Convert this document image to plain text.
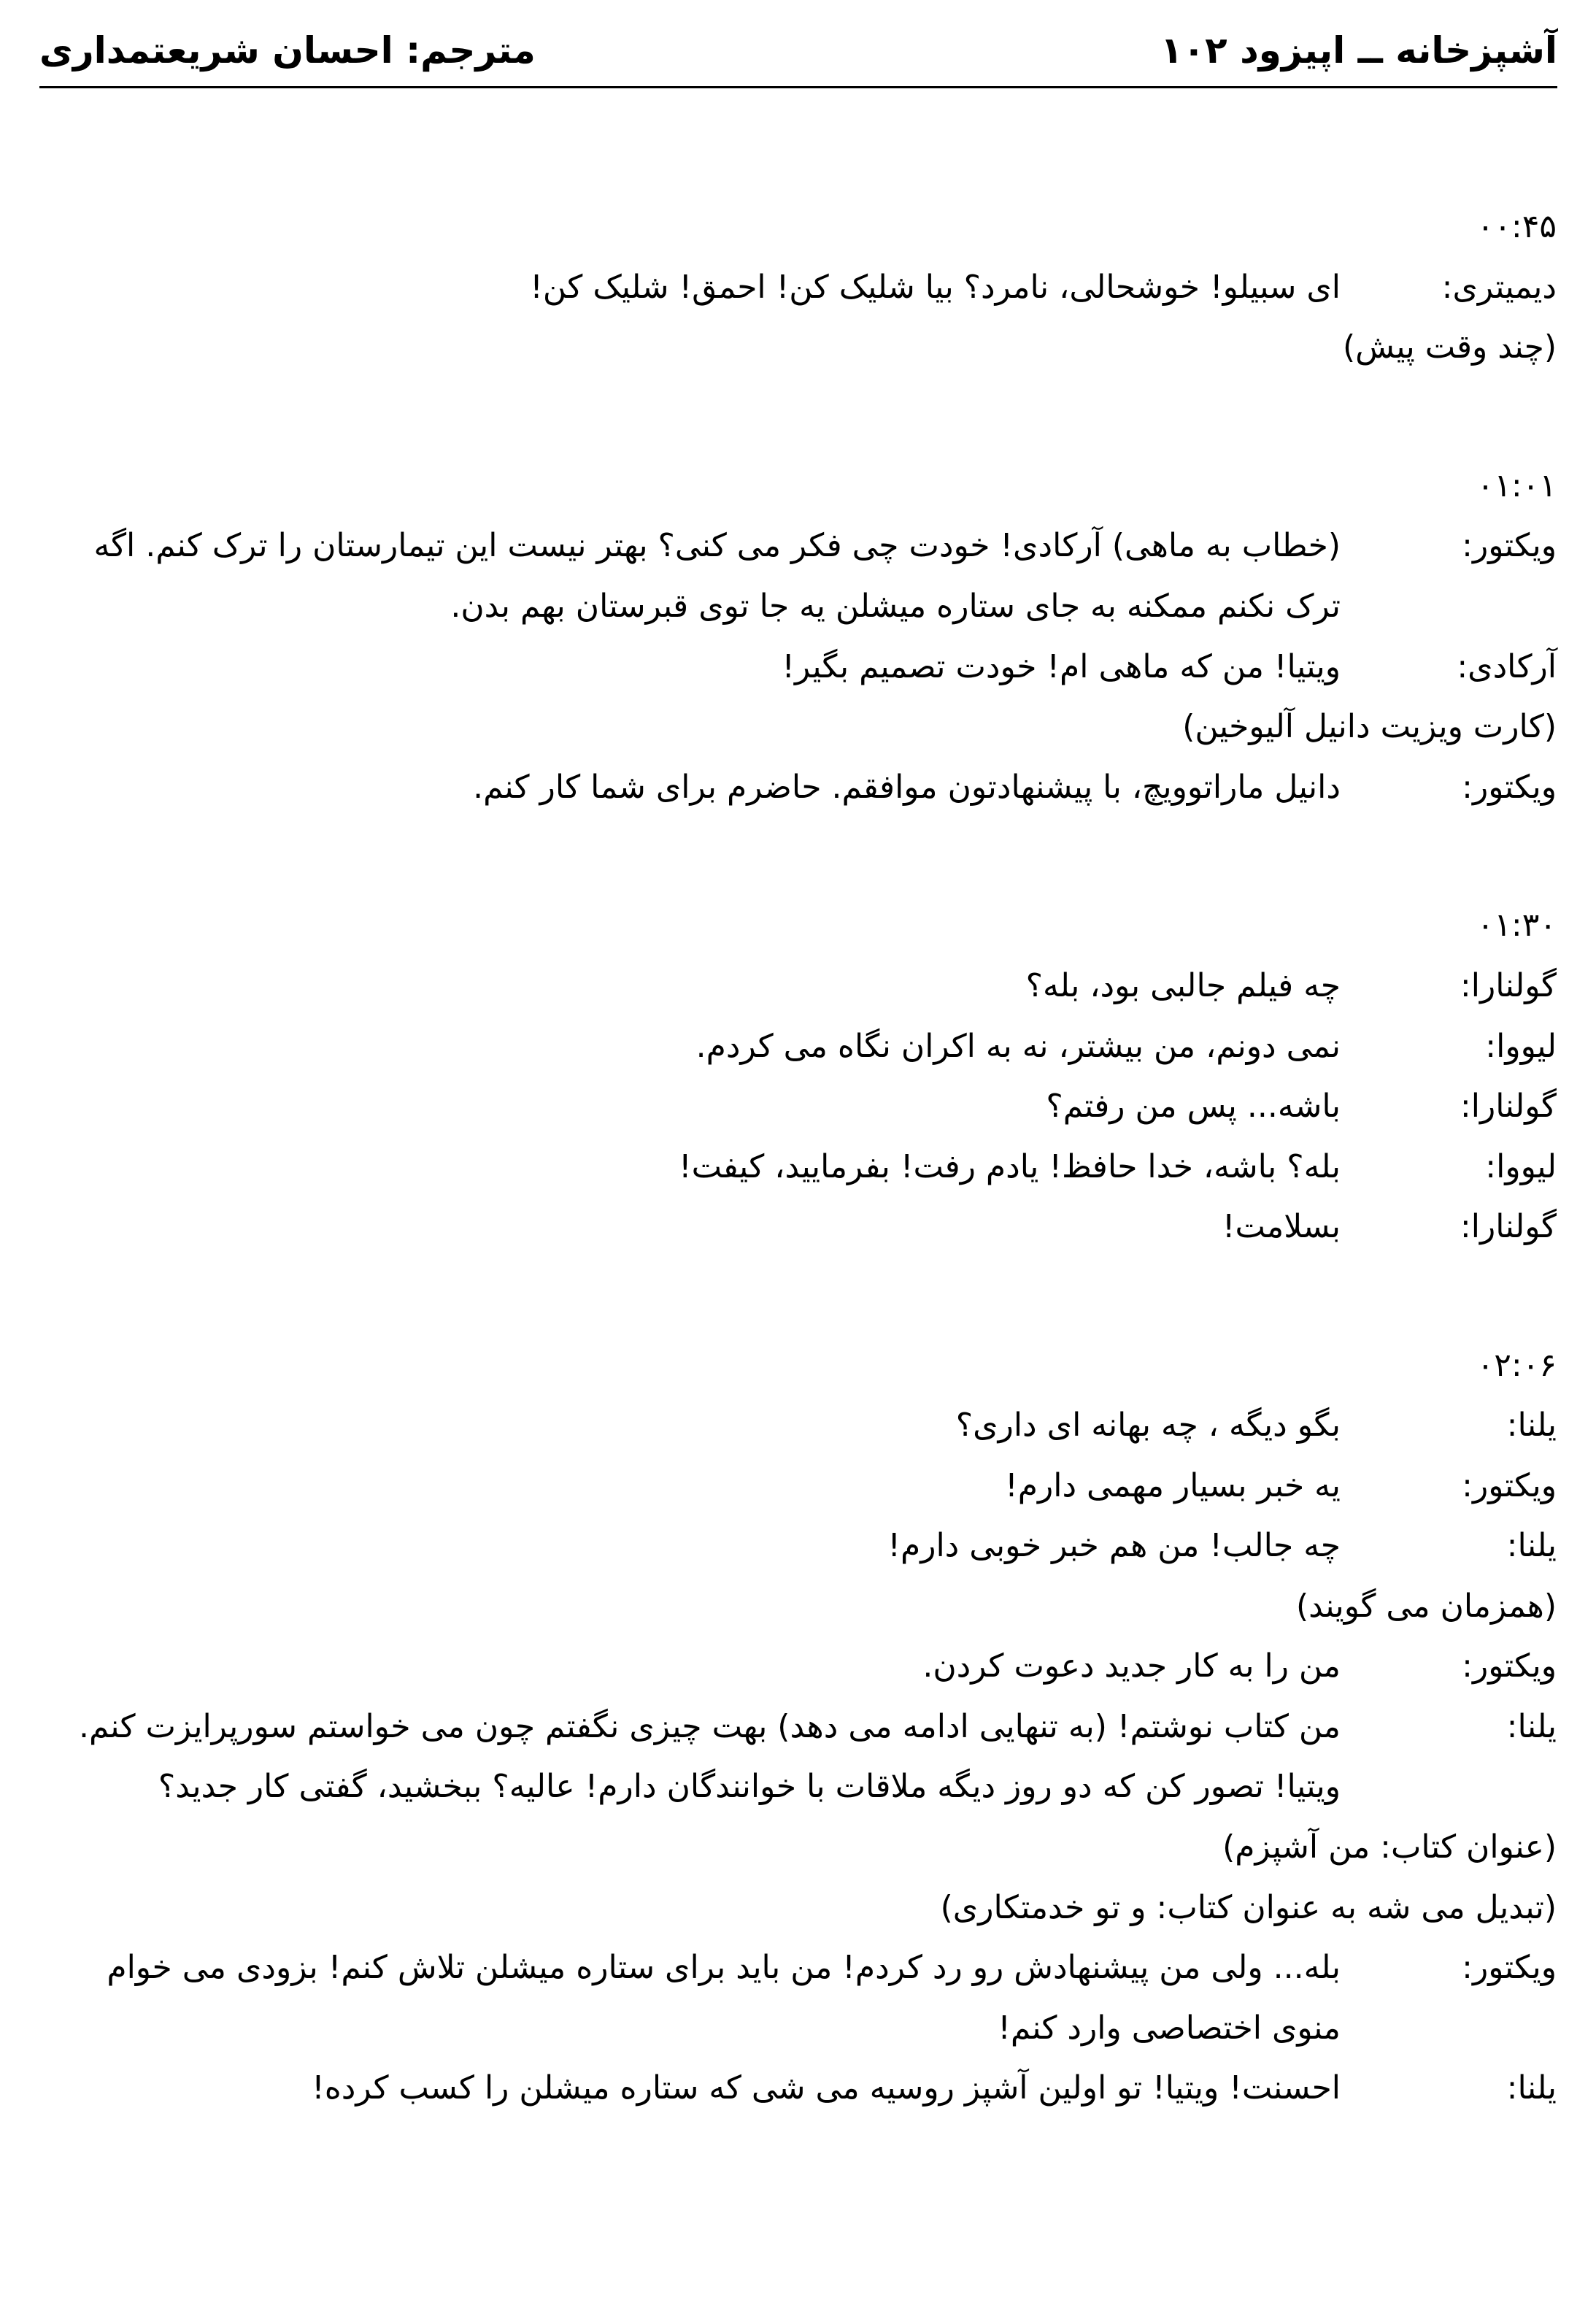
آشپزخانه ــ اپیزود ۱۰۲
مترجم: احسان شریعتمداری
۰۰:۴۵
دیمیتری:
ای سبیلو! خوشحالی، نامرد؟ بیا شلیک کن! احمق! شلیک کن!
(چند وقت پیش)
۰۱:۰۱
ویکتور:
(خطاب به ماهی) آرکادی! خودت چی فکر می کنی؟ بهتر نیست این تیمارستان را ترک کنم. اگه
ترک نکنم ممکنه به جای ستاره میشلن یه جا توی قبرستان بهم بدن.
آرکادی:
ویتیا! من که ماهی ام! خودت تصمیم بگیر!
(کارت ویزیت دانیل آلیوخین)
ویکتور:
دانیل ماراتوویچ، با پیشنهادتون موافقم. حاضرم برای شما کار کنم.
۰۱:۳۰
گولنارا:
چه فیلم جالبی بود، بله؟
لیووا:
نمی دونم، من بیشتر، نه به اکران نگاه می کردم.
گولنارا:
باشه... پس من رفتم؟
لیووا:
بله؟ باشه، خدا حافظ! یادم رفت! بفرمایید، کیفت!
گولنارا:
بسلامت!
۰۲:۰۶
یلنا:
بگو دیگه ، چه بهانه ای داری؟
ویکتور:
یه خبر بسیار مهمی دارم!
یلنا:
چه جالب! من هم خبر خوبی دارم!
(همزمان می گویند)
ویکتور:
من را به کار جدید دعوت کردن.
یلنا:
من کتاب نوشتم! (به تنهایی ادامه می دهد) بهت چیزی نگفتم چون می خواستم سورپرایزت کنم.
ویتیا! تصور کن که دو روز دیگه ملاقات با خوانندگان دارم! عالیه؟ ببخشید، گفتی کار جدید؟
(عنوان کتاب: من آشپزم)
(تبدیل می شه به عنوان کتاب: و تو خدمتکاری)
ویکتور:
بله... ولی من پیشنهادش رو رد کردم! من باید برای ستاره میشلن تلاش کنم! بزودی می خوام
منوی اختصاصی وارد کنم!
یلنا:
احسنت! ویتیا! تو اولین آشپز روسیه می شی که ستاره میشلن را کسب کرده!
